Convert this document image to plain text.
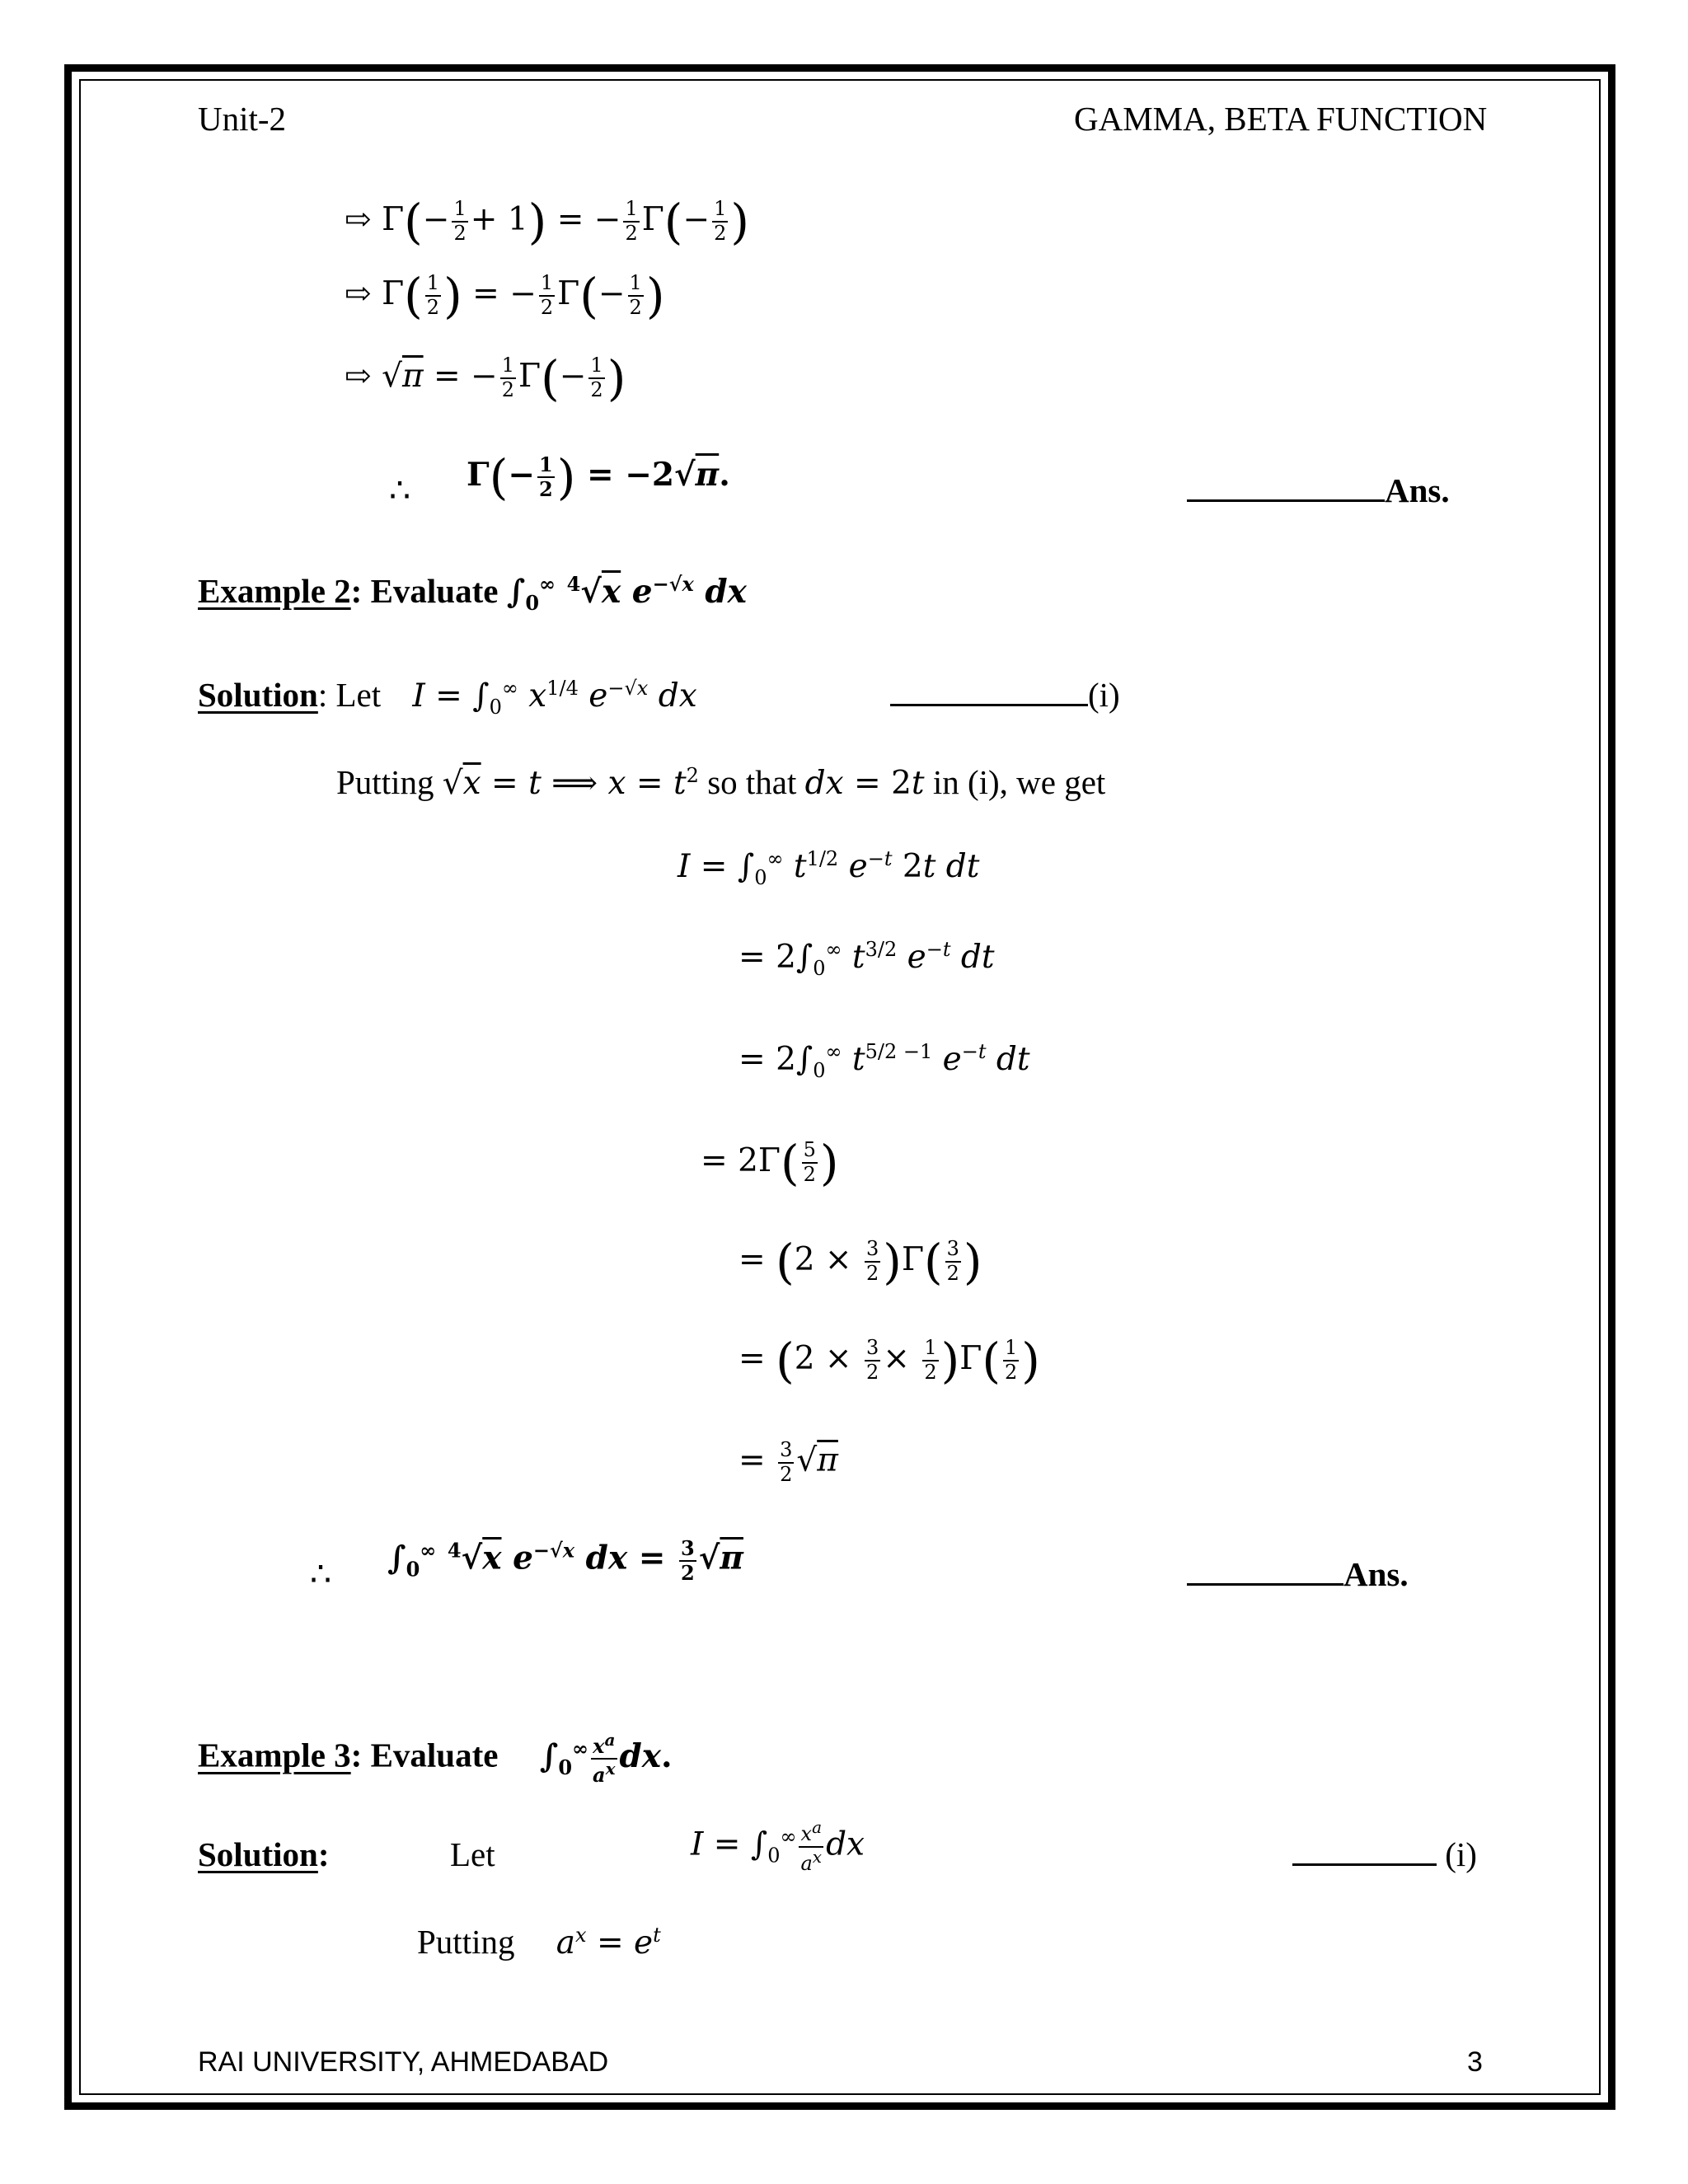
Unit-2	GAMMA, BETA FUNCTION
⇨ $\Gamma(- \frac{1}{2} + 1)$ = − $\frac{1}{2} \Gamma(- \frac{1}{2}$ )
⇨ $\Gamma( \frac{1}{2}$ ) = − $\frac{1}{2} \Gamma(- \frac{1}{2}$ )
⇨ √π = − $\frac{1}{2} \Gamma(- \frac{1}{2}$ )
∴ $\Gamma(- \frac{1}{2}$ ) = −2√π.	Ans.
Example 2: Evaluate $\int_0^\infty$ $^4$√x $e^{-√x}$ dx
Solution: Let $I = \int_0^\infty$ $x^{1/4}$ $e^{-√x}$ dx	(i)
Putting √x = t ⟹ $x = t^2$ so that dx = 2t in (i), we get
$I = \int_0^\infty$ $t^{1/2}$ $e^{-t}$ 2t dt
= $2\int_0^\infty$ $t^{3/2}$ $e^{-t}$ dt
= $2\int_0^\infty$ $t^{5/2 -1}$ $e^{-t}$ dt
= $2\Gamma( \frac{5}{2}$ )
= $(2 \times \frac{3}{2} )\Gamma( \frac{3}{2}$ )
= $(2 \times \frac{3}{2} \times \frac{1}{2} )\Gamma( \frac{1}{2}$ )
= $\frac{3}{2} √\pi$
∴ $\int_0^\infty$ $^4$√x $e^{-√x}$ dx = $\frac{3}{2} √\pi$	Ans.
Example 3: Evaluate $\int_0^\infty \frac{x^a}{a^x}$ dx.
Solution:	Let	$I = \int_0^\infty \frac{x^a}{a^x}$ dx	(i)
Putting $a^x = e^t$
RAI UNIVERSITY, AHMEDABAD	3
